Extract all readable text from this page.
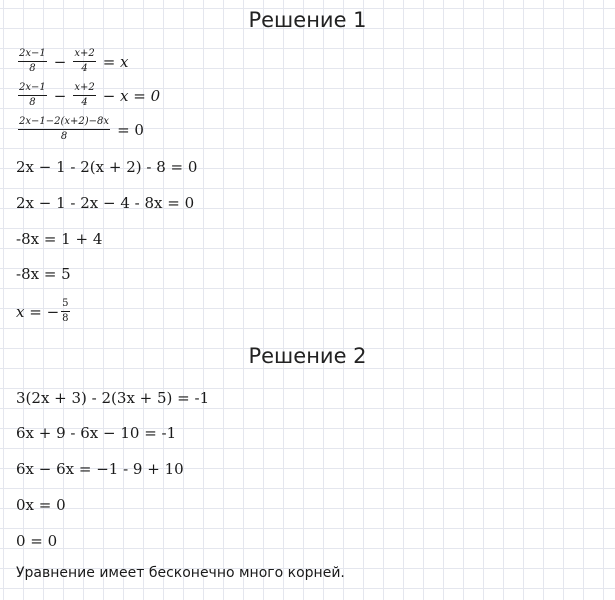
Решение 1
$\frac{2x-1}{8} - \frac{x+2}{4} = x$
$\frac{2x-1}{8} - \frac{x+2}{4} - x = 0$
$\frac{2x-1-2(x+2)-8x}{8} = 0$
2x − 1 - 2(x + 2) - 8 = 0
2x − 1 - 2x − 4 - 8x = 0
-8x = 1 + 4
-8x = 5
x = − $\frac{5}{8}$
Решение 2
3(2x + 3) - 2(3x + 5) = -1
6x + 9 - 6x − 10 = -1
6x − 6x = −1 - 9 + 10
0x = 0
0 = 0
Уравнение имеет бесконечно много корней.
